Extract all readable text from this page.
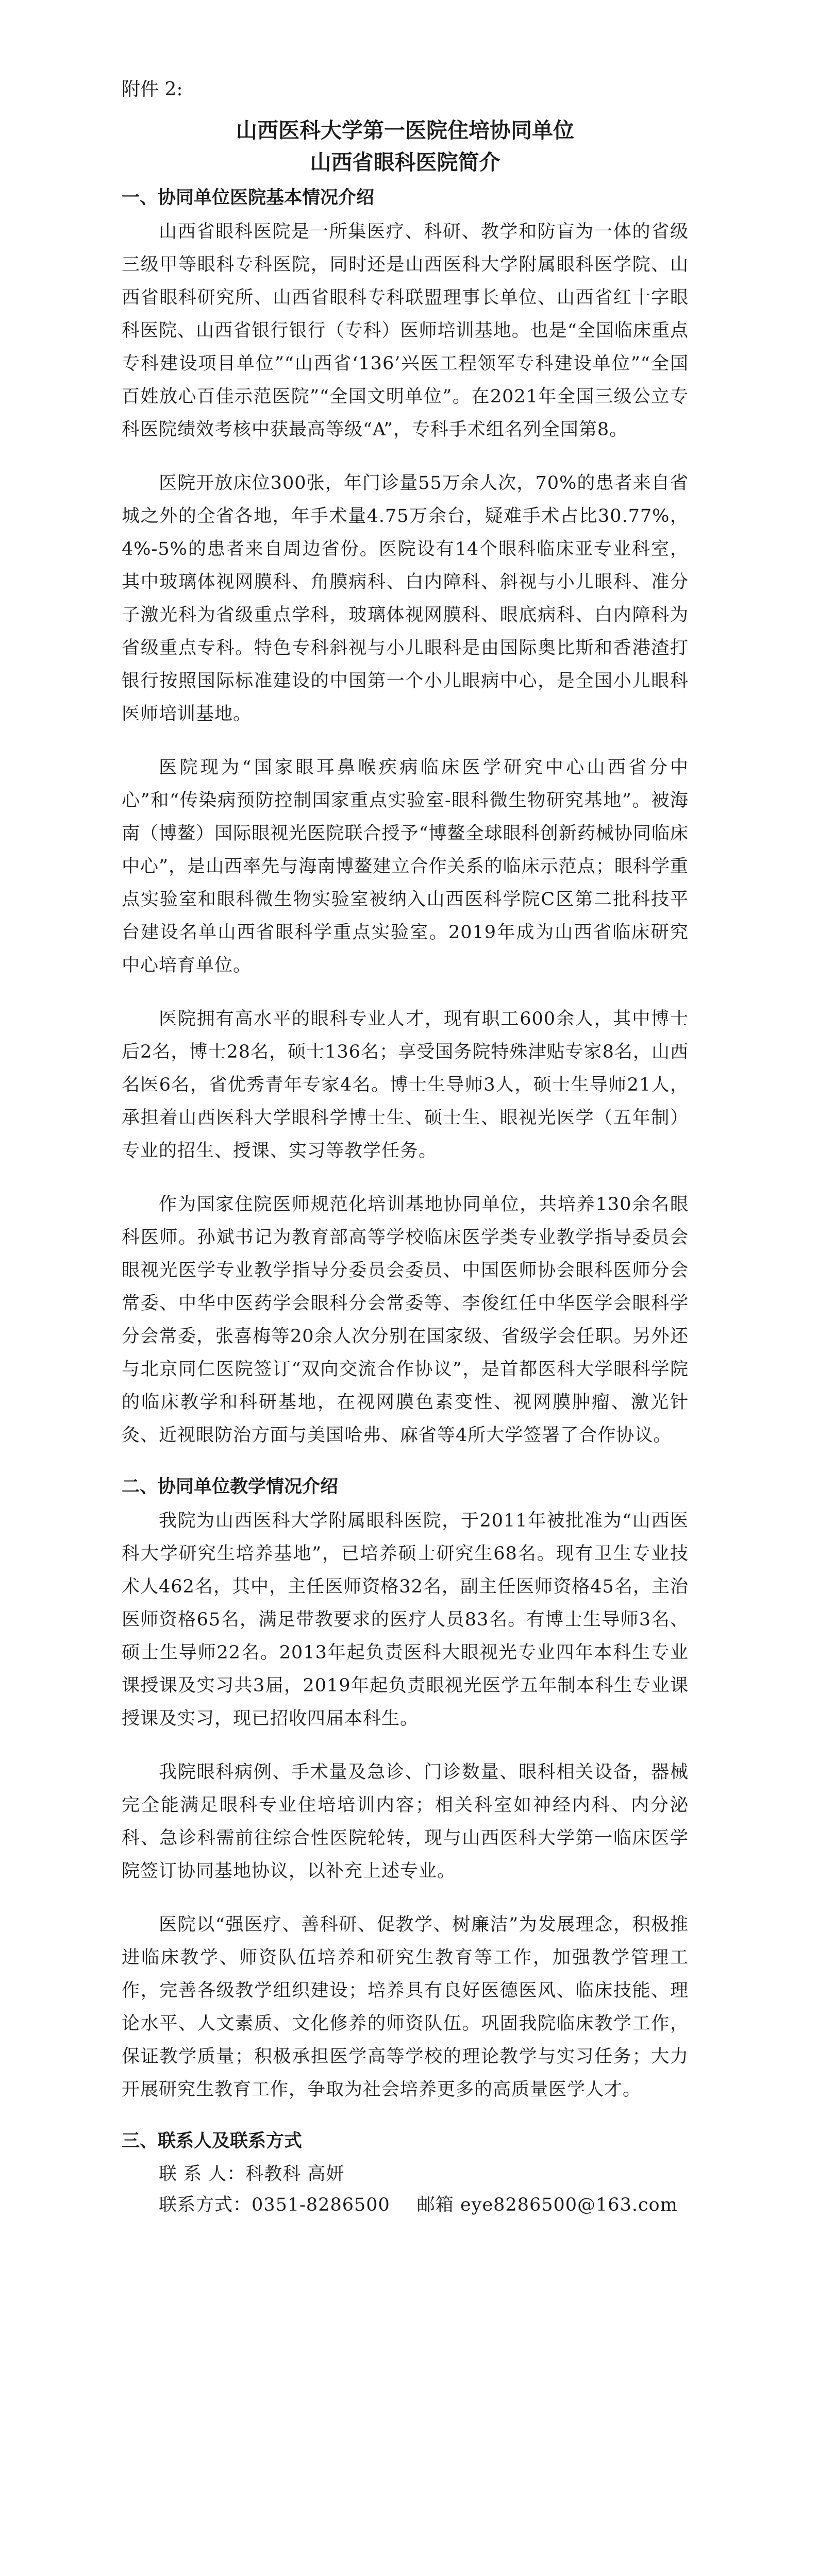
附件 2:
山西医科大学第一医院住培协同单位
山西省眼科医院简介
一、协同单位医院基本情况介绍

山西省眼科医院是一所集医疗、科研、教学和防盲为一体的省级三级甲等眼科专科医院，同时还是山西医科大学附属眼科医学院、山西省眼科研究所、山西省眼科专科联盟理事长单位、山西省红十字眼科医院、山西省银行银行（专科）医师培训基地。也是“全国临床重点专科建设项目单位”“山西省‘136’兴医工程领军专科建设单位”“全国百姓放心百佳示范医院”“全国文明单位”。在2021年全国三级公立专科医院绩效考核中获最高等级“A”，专科手术组名列全国第8。

医院开放床位300张，年门诊量55万余人次，70%的患者来自省城之外的全省各地，年手术量4.75万余台，疑难手术占比30.77%，4%-5%的患者来自周边省份。医院设有14个眼科临床亚专业科室，其中玻璃体视网膜科、角膜病科、白内障科、斜视与小儿眼科、准分子激光科为省级重点学科，玻璃体视网膜科、眼底病科、白内障科为省级重点专科。特色专科斜视与小儿眼科是由国际奥比斯和香港渣打银行按照国际标准建设的中国第一个小儿眼病中心，是全国小儿眼科医师培训基地。

医院现为“国家眼耳鼻喉疾病临床医学研究中心山西省分中心”和“传染病预防控制国家重点实验室-眼科微生物研究基地”。被海南（博鳌）国际眼视光医院联合授予“博鳌全球眼科创新药械协同临床中心”，是山西率先与海南博鳌建立合作关系的临床示范点；眼科学重点实验室和眼科微生物实验室被纳入山西医科学院C区第二批科技平台建设名单山西省眼科学重点实验室。2019年成为山西省临床研究中心培育单位。

医院拥有高水平的眼科专业人才，现有职工600余人，其中博士后2名，博士28名，硕士136名；享受国务院特殊津贴专家8名，山西名医6名，省优秀青年专家4名。博士生导师3人，硕士生导师21人，承担着山西医科大学眼科学博士生、硕士生、眼视光医学（五年制）专业的招生、授课、实习等教学任务。

作为国家住院医师规范化培训基地协同单位，共培养130余名眼科医师。孙斌书记为教育部高等学校临床医学类专业教学指导委员会眼视光医学专业教学指导分委员会委员、中国医师协会眼科医师分会常委、中华中医药学会眼科分会常委等、李俊红任中华医学会眼科学分会常委，张喜梅等20余人次分别在国家级、省级学会任职。另外还与北京同仁医院签订“双向交流合作协议”，是首都医科大学眼科学院的临床教学和科研基地，在视网膜色素变性、视网膜肿瘤、激光针灸、近视眼防治方面与美国哈弗、麻省等4所大学签署了合作协议。

二、协同单位教学情况介绍

我院为山西医科大学附属眼科医院，于2011年被批准为“山西医科大学研究生培养基地”，已培养硕士研究生68名。现有卫生专业技术人462名，其中，主任医师资格32名，副主任医师资格45名，主治医师资格65名，满足带教要求的医疗人员83名。有博士生导师3名、硕士生导师22名。2013年起负责医科大眼视光专业四年本科生专业课授课及实习共3届，2019年起负责眼视光医学五年制本科生专业课授课及实习，现已招收四届本科生。

我院眼科病例、手术量及急诊、门诊数量、眼科相关设备，器械完全能满足眼科专业住培培训内容；相关科室如神经内科、内分泌科、急诊科需前往综合性医院轮转，现与山西医科大学第一临床医学院签订协同基地协议，以补充上述专业。

医院以“强医疗、善科研、促教学、树廉洁”为发展理念，积极推进临床教学、师资队伍培养和研究生教育等工作，加强教学管理工作，完善各级教学组织建设；培养具有良好医德医风、临床技能、理论水平、人文素质、文化修养的师资队伍。巩固我院临床教学工作，保证教学质量；积极承担医学高等学校的理论教学与实习任务；大力开展研究生教育工作，争取为社会培养更多的高质量医学人才。

三、联系人及联系方式

联 系 人：科教科 高妍

联系方式：0351-8286500 邮箱 eye8286500@163.com
